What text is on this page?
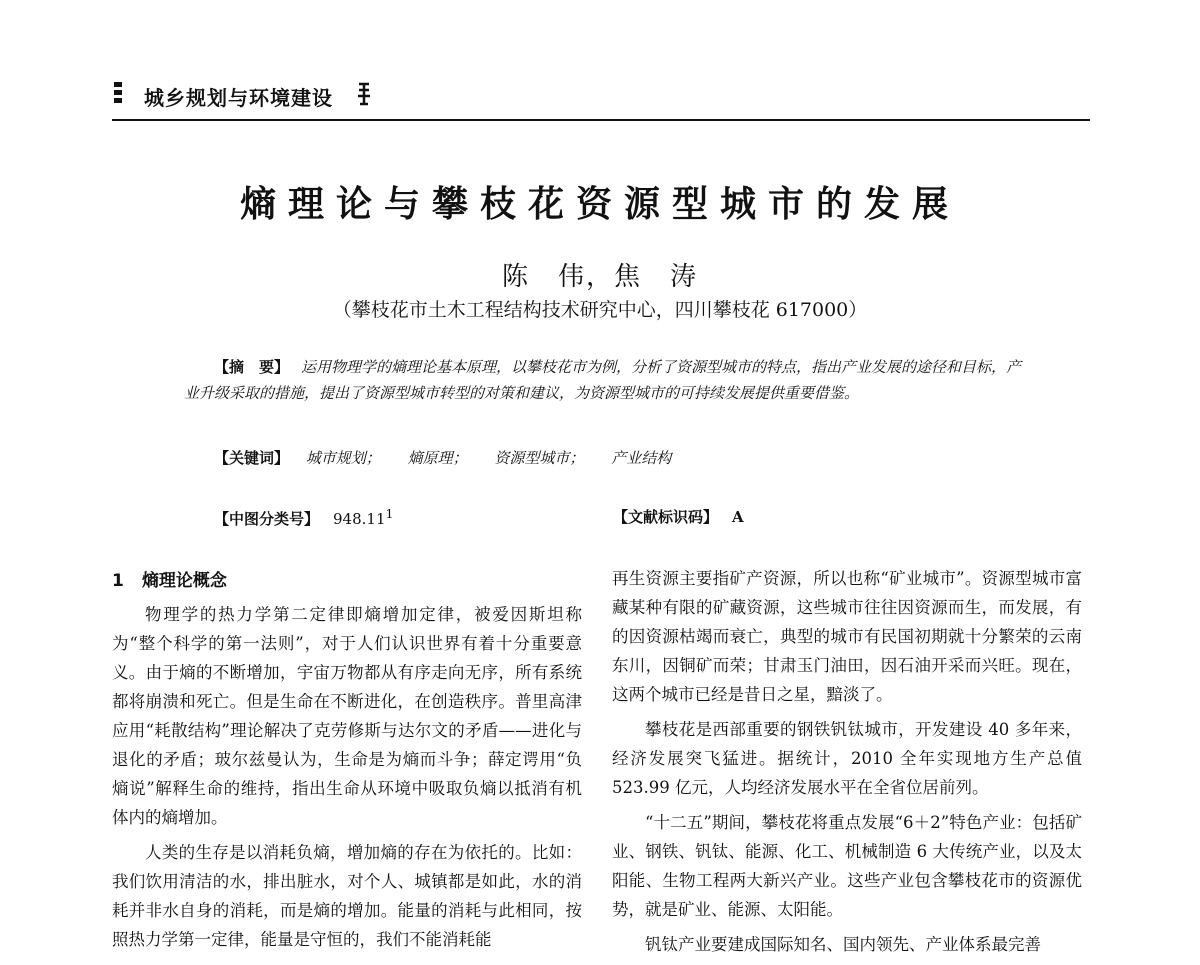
城乡规划与环境建设
熵理论与攀枝花资源型城市的发展
陈　伟，焦　涛
（攀枝花市土木工程结构技术研究中心，四川攀枝花 617000）
【摘　要】 运用物理学的熵理论基本原理，以攀枝花市为例，分析了资源型城市的特点，指出产业发展的途径和目标，产业升级采取的措施，提出了资源型城市转型的对策和建议，为资源型城市的可持续发展提供重要借鉴。
【关键词】 城市规划； 熵原理； 资源型城市； 产业结构
【中图分类号】 948.11$^1$	【文献标识码】 A
1 熵理论概念

物理学的热力学第二定律即熵增加定律，被爱因斯坦称为“整个科学的第一法则”，对于人们认识世界有着十分重要意义。由于熵的不断增加，宇宙万物都从有序走向无序，所有系统都将崩溃和死亡。但是生命在不断进化，在创造秩序。普里高津应用“耗散结构”理论解决了克劳修斯与达尔文的矛盾——进化与退化的矛盾；玻尔兹曼认为，生命是为熵而斗争；薛定谔用“负熵说”解释生命的维持，指出生命从环境中吸取负熵以抵消有机体内的熵增加。

人类的生存是以消耗负熵，增加熵的存在为依托的。比如：我们饮用清洁的水，排出脏水，对个人、城镇都是如此，水的消耗并非水自身的消耗，而是熵的增加。能量的消耗与此相同，按照热力学第一定律，能量是守恒的，我们不能消耗能

再生资源主要指矿产资源，所以也称“矿业城市”。资源型城市富藏某种有限的矿藏资源，这些城市往往因资源而生，而发展，有的因资源枯竭而衰亡，典型的城市有民国初期就十分繁荣的云南东川，因铜矿而荣；甘肃玉门油田，因石油开采而兴旺。现在，这两个城市已经是昔日之星，黯淡了。

攀枝花是西部重要的钢铁钒钛城市，开发建设 40 多年来，经济发展突飞猛进。据统计，2010 全年实现地方生产总值 523.99 亿元，人均经济发展水平在全省位居前列。

“十二五”期间，攀枝花将重点发展“6＋2”特色产业：包括矿业、钢铁、钒钛、能源、化工、机械制造 6 大传统产业，以及太阳能、生物工程两大新兴产业。这些产业包含攀枝花市的资源优势，就是矿业、能源、太阳能。

钒钛产业要建成国际知名、国内领先、产业体系最完善
